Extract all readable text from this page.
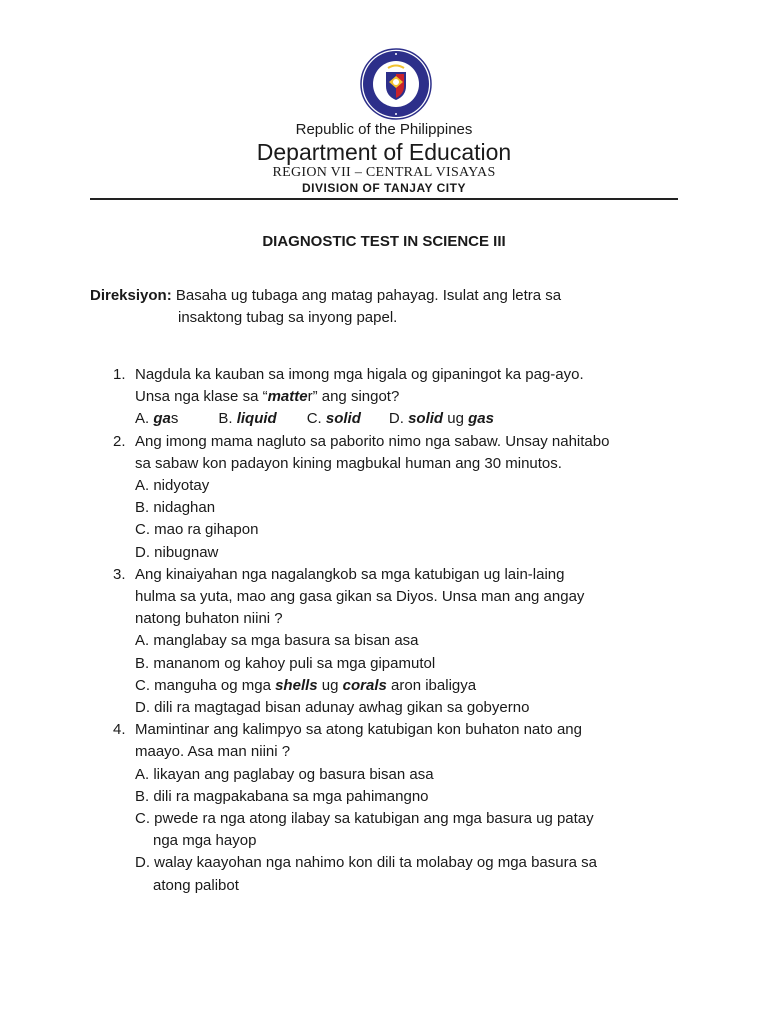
Republic of the Philippines
Department of Education
REGION VII – CENTRAL VISAYAS
DIVISION OF TANJAY CITY
DIAGNOSTIC TEST IN SCIENCE III
Direksiyon: Basaha ug tubaga ang matag pahayag. Isulat ang letra sa
insaktong tubag sa inyong papel.
1. Nagdula ka kauban sa imong mga higala og gipaningot ka pag-ayo.
Unsa nga klase sa “matter” ang singot?
A. gas	B. liquid C. solid D. solid ug gas
2. Ang imong mama nagluto sa paborito nimo nga sabaw. Unsay nahitabo
sa sabaw kon padayon kining magbukal human ang 30 minutos.
A. nidyotay
B. nidaghan
C. mao ra gihapon
D. nibugnaw
3. Ang kinaiyahan nga nagalangkob sa mga katubigan ug lain-laing
hulma sa yuta, mao ang gasa gikan sa Diyos. Unsa man ang angay
natong buhaton niini ?
A. manglabay sa mga basura sa bisan asa
B. mananom og kahoy puli sa mga gipamutol
C. manguha og mga shells ug corals aron ibaligya
D. dili ra magtagad bisan adunay awhag gikan sa gobyerno
4. Mamintinar ang kalimpyo sa atong katubigan kon buhaton nato ang
maayo. Asa man niini ?
A. likayan ang paglabay og basura bisan asa
B. dili ra magpakabana sa mga pahimangno
C. pwede ra nga atong ilabay sa katubigan ang mga basura ug patay
nga mga hayop
D. walay kaayohan nga nahimo kon dili ta molabay og mga basura sa
atong palibot
